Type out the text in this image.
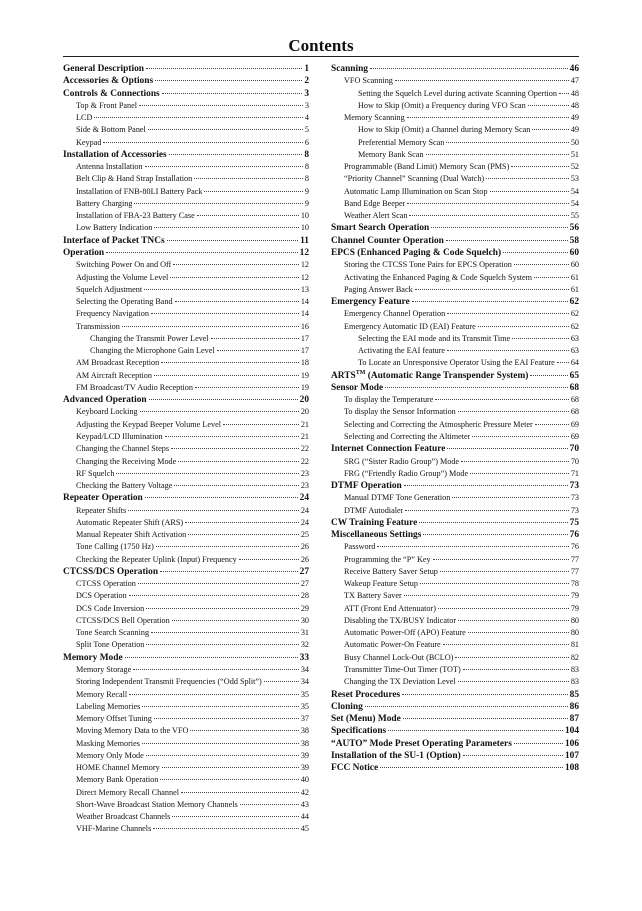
Contents
General Description	1
Accessories & Options	2
Controls & Connections	3
Top & Front Panel	3
LCD	4
Side & Bottom Panel	5
Keypad	6
Installation of Accessories	8
Antenna Installation	8
Belt Clip & Hand Strap Installation	8
Installation of FNB-80LI Battery Pack	9
Battery Charging	9
Installation of FBA-23 Battery Case	10
Low Battery Indication	10
Interface of Packet TNCs	11
Operation	12
Switching Power On and Off	12
Adjusting the Volume Level	12
Squelch Adjustment	13
Selecting the Operating Band	14
Frequency Navigation	14
Transmission	16
Changing the Transmit Power Level	17
Changing the Microphone Gain Level	17
AM Broadcast Reception	18
AM Aircraft Reception	19
FM Broadcast/TV Audio Reception	19
Advanced Operation	20
Keyboard Locking	20
Adjusting the Keypad Beeper Volume Level	21
Keypad/LCD Illumination	21
Changing the Channel Steps	22
Changing the Receiving Mode	22
RF Squelch	23
Checking the Battery Voltage	23
Repeater Operation	24
Repeater Shifts	24
Automatic Repeater Shift (ARS)	24
Manual Repeater Shift Activation	25
Tone Calling (1750 Hz)	26
Checking the Repeater Uplink (Input) Frequency	26
CTCSS/DCS Operation	27
CTCSS Operation	27
DCS Operation	28
DCS Code Inversion	29
CTCSS/DCS Bell Operation	30
Tone Search Scanning	31
Split Tone Operation	32
Memory Mode	33
Memory Storage	34
Storing Independent Transmit Frequencies (“Odd Split”)	34
Memory Recall	35
Labeling Memories	35
Memory Offset Tuning	37
Moving Memory Data to the VFO	38
Masking Memories	38
Memory Only Mode	39
HOME Channel Memory	39
Memory Bank Operation	40
Direct Memory Recall Channel	42
Short-Wave Broadcast Station Memory Channels	43
Weather Broadcast Channels	44
VHF-Marine Channels	45
Scanning	46
VFO Scanning	47
Setting the Squelch Level during activate Scanning Opertion 48
How to Skip (Omit) a Frequency during VFO Scan	48
Memory Scanning	49
How to Skip (Omit) a Channel during Memory Scan	49
Preferential Memory Scan	50
Memory Bank Scan	51
Programmable (Band Limit) Memory Scan (PMS)	52
“Priority Channel” Scanning (Dual Watch)	53
Automatic Lamp Illumination on Scan Stop	54
Band Edge Beeper	54
Weather Alert Scan	55
Smart Search Operation	56
Channel Counter Operation	58
EPCS (Enhanced Paging & Code Squelch)	60
Storing the CTCSS Tone Pairs for EPCS Operation	60
Activating the Enhanced Paging & Code Squelch System	61
Paging Answer Back	61
Emergency Feature	62
Emergency Channel Operation	62
Emergency Automatic ID (EAI) Feature	62
Selecting the EAI mode and its Transmit Time	63
Activating the EAI feature	63
To Locate an Unresponsive Operator Using the EAI Feature 64
ARTS™ (Automatic Range Transpender System)	65
Sensor Mode	68
To display the Temperature	68
To display the Sensor Information	68
Selecting and Correcting the Atmospheric Pressure Meter	69
Selecting and Correcting the Altimeter	69
Internet Connection Feature	70
SRG (“Sister Radio Group”) Mode	70
FRG (“Friendly Radio Group”) Mode	71
DTMF Operation	73
Manual DTMF Tone Generation	73
DTMF Autodialer	73
CW Training Feature	75
Miscellaneous Settings	76
Password	76
Programming the “P” Key	77
Receive Battery Saver Setup	77
Wakeup Feature Setup	78
TX Battery Saver	79
ATT (Front End Attenuator)	79
Disabling the TX/BUSY Indicator	80
Automatic Power-Off (APO) Feature	80
Automatic Power-On Feature	81
Busy Channel Lock-Out (BCLO)	82
Transmitter Time-Out Timer (TOT)	83
Changing the TX Deviation Level	83
Reset Procedures	85
Cloning	86
Set (Menu) Mode	87
Specifications	104
“AUTO” Mode Preset Operating Parameters	106
Installation of the SU-1 (Option)	107
FCC Notice	108
